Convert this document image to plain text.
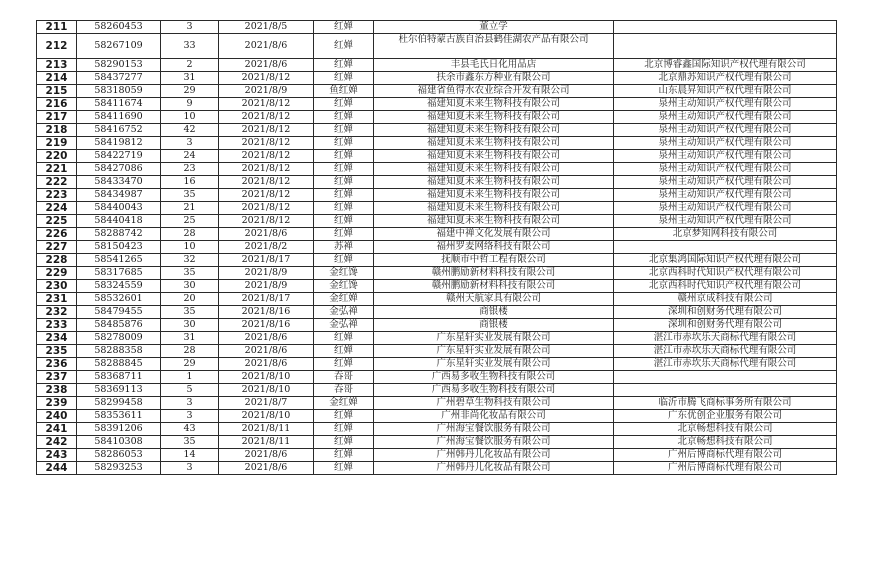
211	58260453	3	2021/8/5	红婵	董立学	
212	58267109	33	2021/8/6	红婵	杜尔伯特蒙古族自治县鹤佳湖农产品有限公司	
213	58290153	2	2021/8/6	红婵	丰县毛氏日化用品店	北京博睿鑫国际知识产权代理有限公司
214	58437277	31	2021/8/12	红婵	扶余市鑫东方种业有限公司	北京鼎苏知识产权代理有限公司
215	58318059	29	2021/8/9	鱼红婵	福建省鱼得水农业综合开发有限公司	山东晨昇知识产权代理有限公司
216	58411674	9	2021/8/12	红婵	福建知夏未来生物科技有限公司	泉州主动知识产权代理有限公司
217	58411690	10	2021/8/12	红婵	福建知夏未来生物科技有限公司	泉州主动知识产权代理有限公司
218	58416752	42	2021/8/12	红婵	福建知夏未来生物科技有限公司	泉州主动知识产权代理有限公司
219	58419812	3	2021/8/12	红婵	福建知夏未来生物科技有限公司	泉州主动知识产权代理有限公司
220	58422719	24	2021/8/12	红婵	福建知夏未来生物科技有限公司	泉州主动知识产权代理有限公司
221	58427086	23	2021/8/12	红婵	福建知夏未来生物科技有限公司	泉州主动知识产权代理有限公司
222	58433470	16	2021/8/12	红婵	福建知夏未来生物科技有限公司	泉州主动知识产权代理有限公司
223	58434987	35	2021/8/12	红婵	福建知夏未来生物科技有限公司	泉州主动知识产权代理有限公司
224	58440043	21	2021/8/12	红婵	福建知夏未来生物科技有限公司	泉州主动知识产权代理有限公司
225	58440418	25	2021/8/12	红婵	福建知夏未来生物科技有限公司	泉州主动知识产权代理有限公司
226	58288742	28	2021/8/6	红婵	福建中禅文化发展有限公司	北京梦知网科技有限公司
227	58150423	10	2021/8/2	苏禅	福州罗麦网络科技有限公司	
228	58541265	32	2021/8/17	红婵	抚顺市中哲工程有限公司	北京集鸿国际知识产权代理有限公司
229	58317685	35	2021/8/9	金红馋	赣州鹏励新材料科技有限公司	北京西科时代知识产权代理有限公司
230	58324559	30	2021/8/9	金红馋	赣州鹏励新材料科技有限公司	北京西科时代知识产权代理有限公司
231	58532601	20	2021/8/17	金红婵	赣州天航家具有限公司	赣州京成科技有限公司
232	58479455	35	2021/8/16	金弘禅	商银楼	深圳和创财务代理有限公司
233	58485876	30	2021/8/16	金弘禅	商银楼	深圳和创财务代理有限公司
234	58278009	31	2021/8/6	红婵	广东星轩实业发展有限公司	湛江市赤坎乐天商标代理有限公司
235	58288358	28	2021/8/6	红婵	广东星轩实业发展有限公司	湛江市赤坎乐天商标代理有限公司
236	58288845	29	2021/8/6	红婵	广东星轩实业发展有限公司	湛江市赤坎乐天商标代理有限公司
237	58368711	1	2021/8/10	吞哥	广西易多收生物科技有限公司	
238	58369113	5	2021/8/10	吞哥	广西易多收生物科技有限公司	
239	58299458	3	2021/8/7	金红婵	广州碧草生物科技有限公司	临沂市腾飞商标事务所有限公司
240	58353611	3	2021/8/10	红婵	广州非尚化妆品有限公司	广东优创企业服务有限公司
241	58391206	43	2021/8/11	红婵	广州海宝餐饮服务有限公司	北京畅想科技有限公司
242	58410308	35	2021/8/11	红婵	广州海宝餐饮服务有限公司	北京畅想科技有限公司
243	58286053	14	2021/8/6	红婵	广州韩丹儿化妆品有限公司	广州后博商标代理有限公司
244	58293253	3	2021/8/6	红婵	广州韩丹儿化妆品有限公司	广州后博商标代理有限公司
